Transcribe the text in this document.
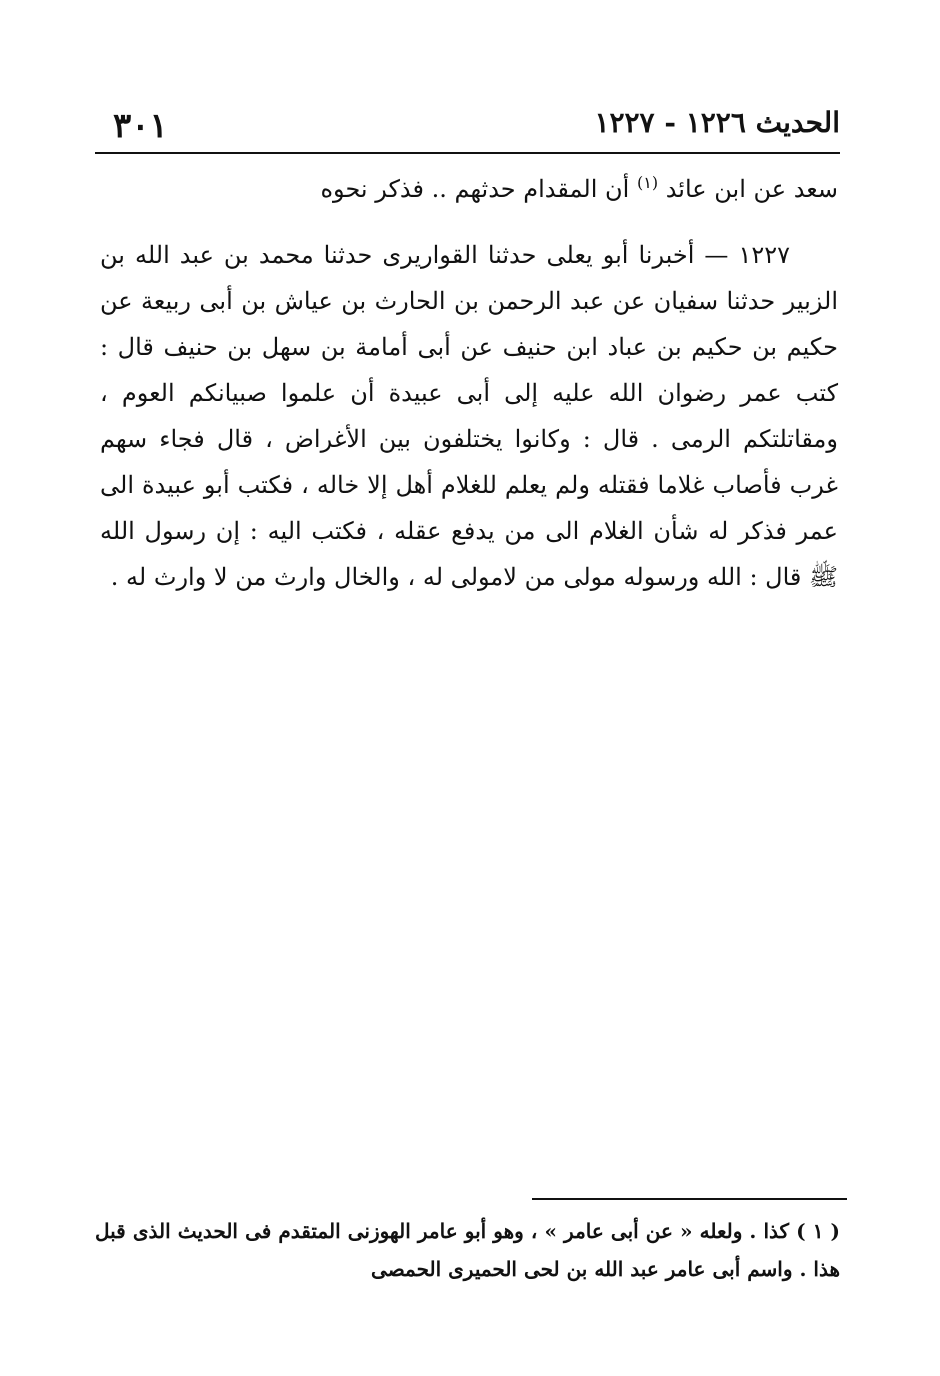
٣٠١	الحديث ١٢٢٦ - ١٢٢٧

سعد عن ابن عائد $^{(١)}$ أن المقدام حدثهم .. فذكر نحوه

١٢٢٧ — أخبرنا أبو يعلى حدثنا القواريرى حدثنا محمد بن عبد الله بن الزبير حدثنا سفيان عن عبد الرحمن بن الحارث بن عياش بن أبى ربيعة عن حكيم بن حكيم بن عباد ابن حنيف عن أبى أمامة بن سهل بن حنيف قال : كتب عمر رضوان الله عليه إلى أبى عبيدة أن علموا صبيانكم العوم ، ومقاتلتكم الرمى . قال : وكانوا يختلفون بين الأغراض ، قال فجاء سهم غرب فأصاب غلاما فقتله ولم يعلم للغلام أهل إلا خاله ، فكتب أبو عبيدة الى عمر فذكر له شأن الغلام الى من يدفع عقله ، فكتب اليه : إن رسول الله ﷺ قال : الله ورسوله مولى من لامولى له ، والخال وارث من لا وارث له .

( ١ ) كذا . ولعله « عن أبى عامر » ، وهو أبو عامر الهوزنى المتقدم فى الحديث الذى قبل هذا . واسم أبى عامر عبد الله بن لحى الحميرى الحمصى
